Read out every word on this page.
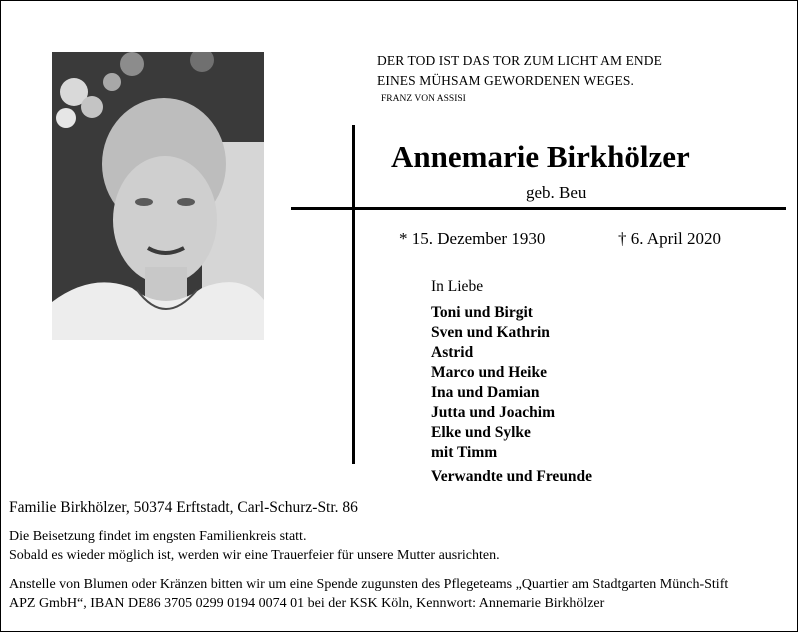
DER TOD IST DAS TOR ZUM LICHT AM ENDE
EINES MÜHSAM GEWORDENEN WEGES.
FRANZ VON ASSISI
Annemarie Birkhölzer
geb. Beu
* 15. Dezember 1930	† 6. April 2020
In Liebe
Toni und Birgit
Sven und Kathrin
Astrid
Marco und Heike
Ina und Damian
Jutta und Joachim
Elke und Sylke
mit Timm
Verwandte und Freunde
Familie Birkhölzer, 50374 Erftstadt, Carl-Schurz-Str. 86
Die Beisetzung findet im engsten Familienkreis statt.
Sobald es wieder möglich ist, werden wir eine Trauerfeier für unsere Mutter ausrichten.
Anstelle von Blumen oder Kränzen bitten wir um eine Spende zugunsten des Pflegeteams „Quartier am Stadtgarten Münch-Stift
APZ GmbH“, IBAN DE86 3705 0299 0194 0074 01 bei der KSK Köln, Kennwort: Annemarie Birkhölzer
